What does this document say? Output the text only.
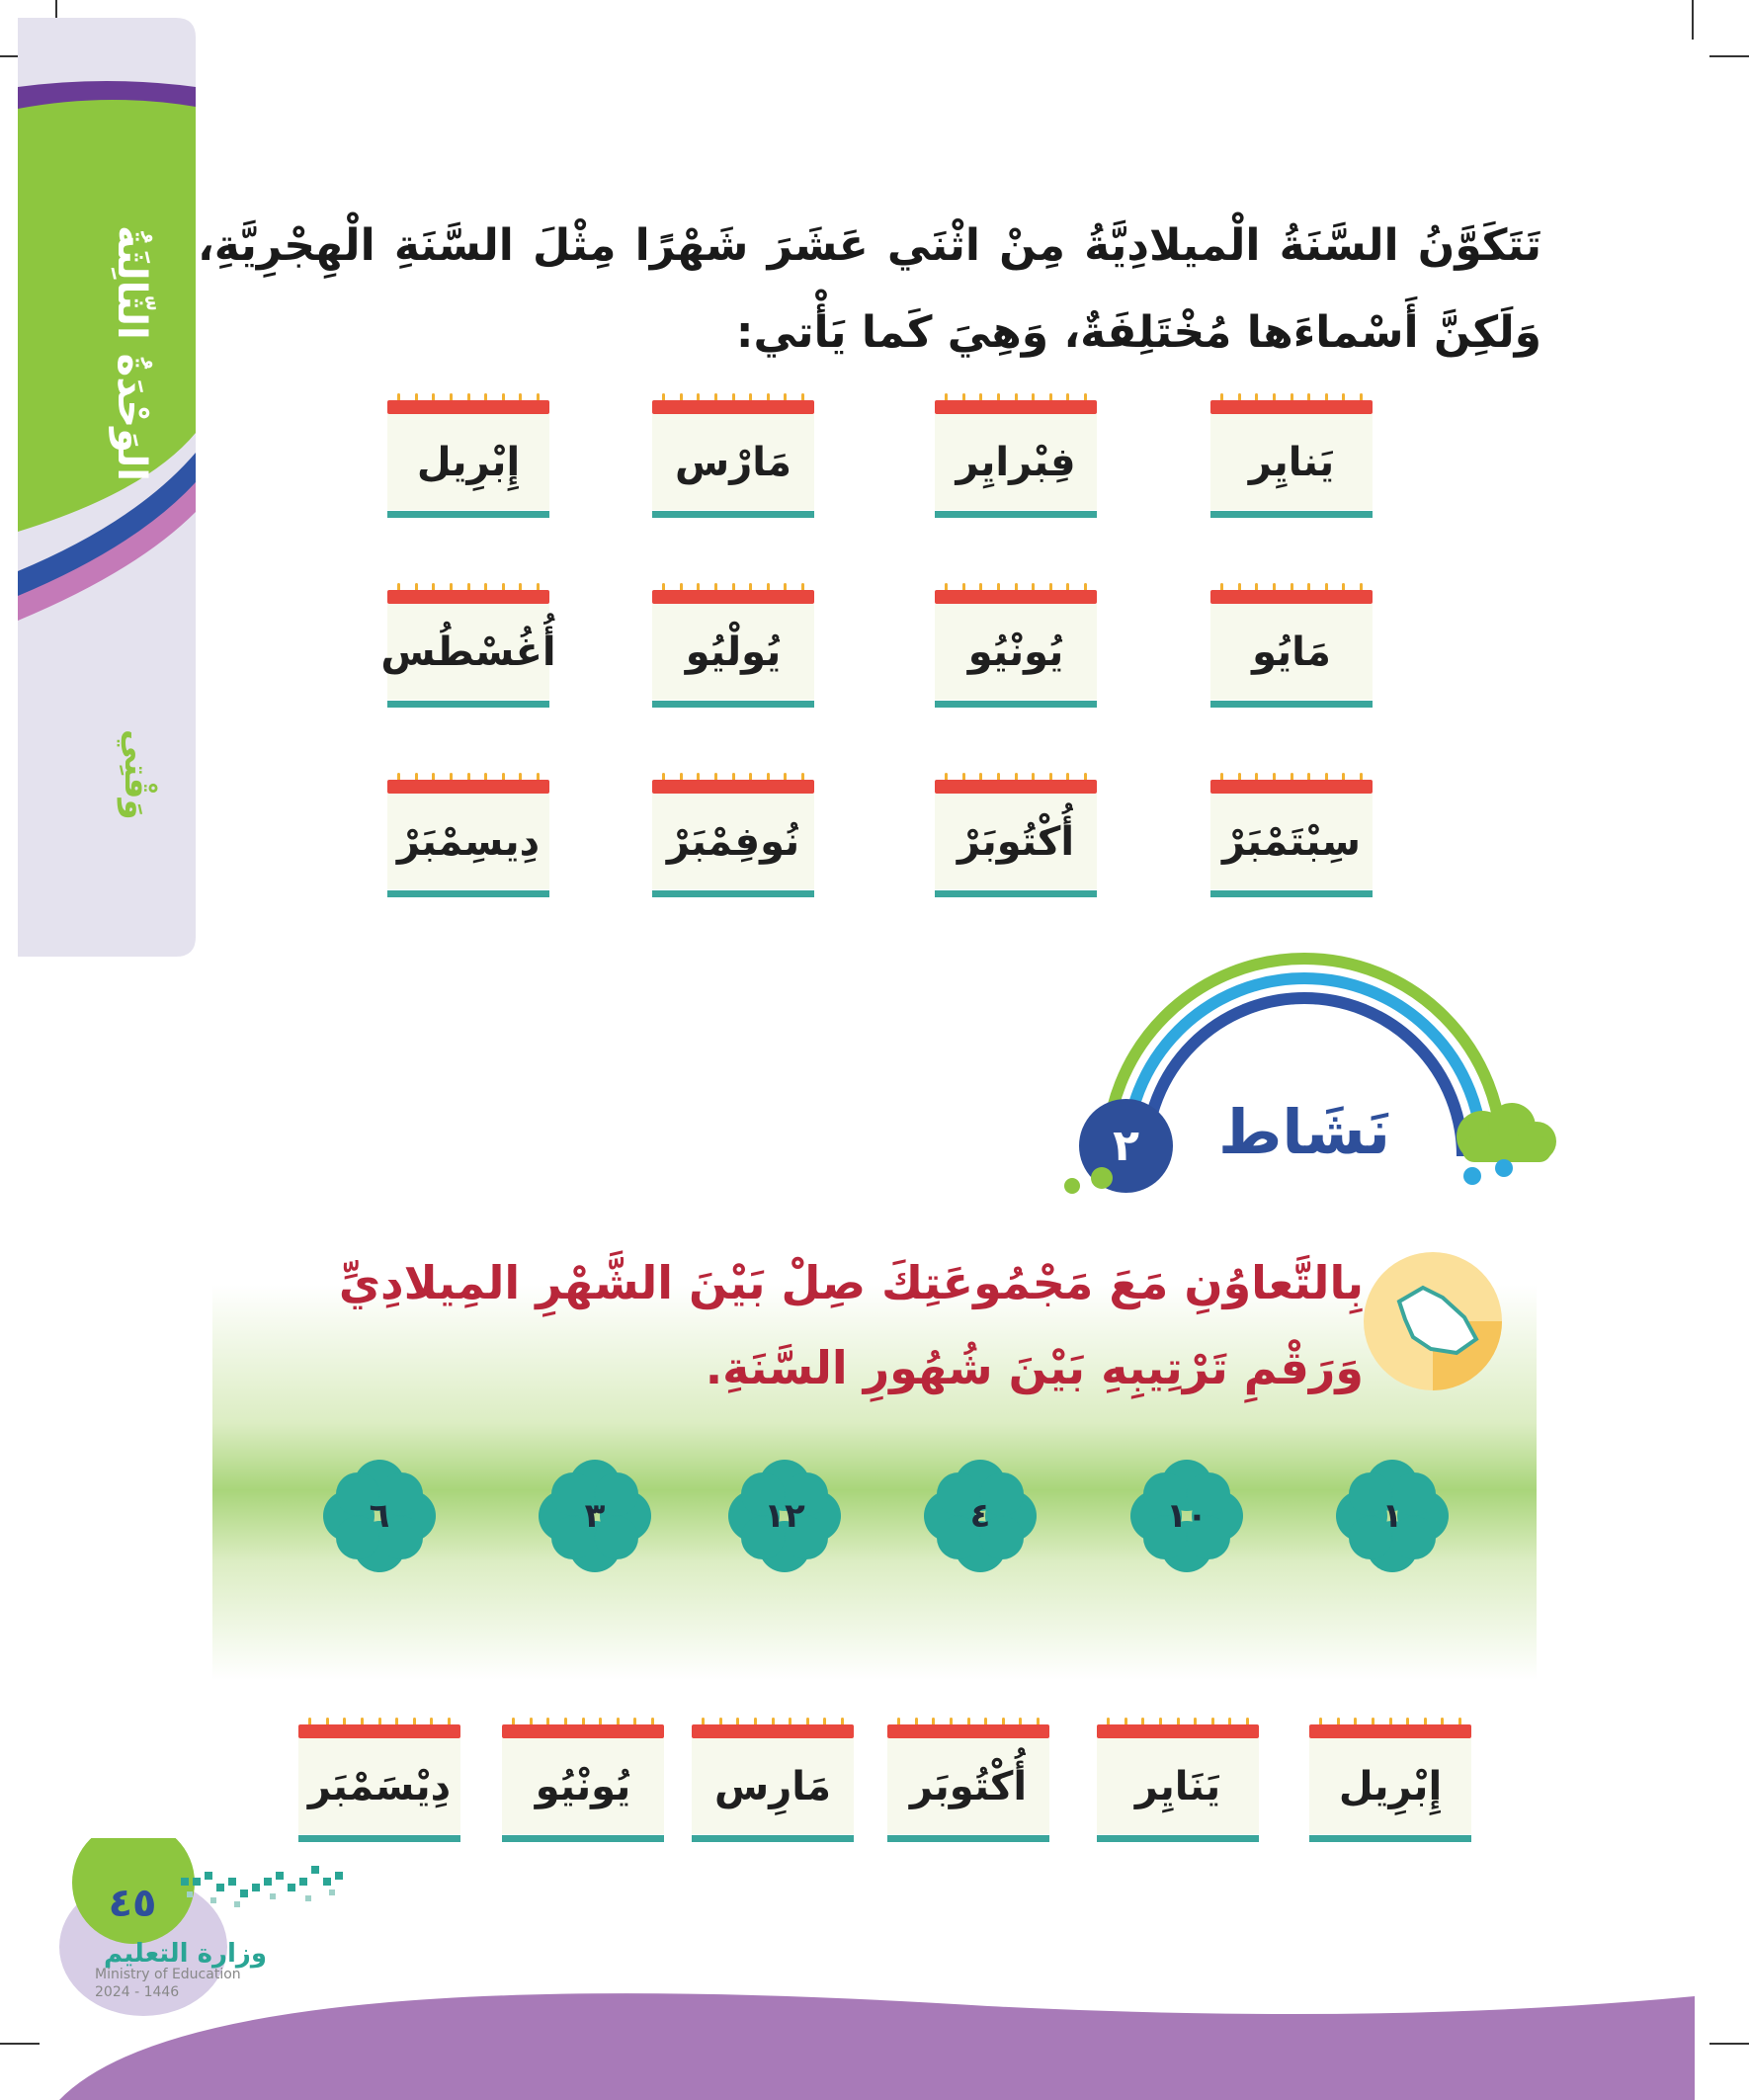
الوَحْدَةُ الثّالِثَةُ
وَقْتِي
تَتَكَوَّنُ السَّنَةُ الْميلادِيَّةُ مِنْ اثْنَي عَشَرَ شَهْرًا مِثْلَ السَّنَةِ الْهِجْرِيَّةِ، وَلَكِنَّ أَسْماءَها مُخْتَلِفَةٌ، وَهِيَ كَما يَأْتي:
يَنايِر
فِبْرايِر
مَارْس
إِبْرِيل
مَايُو
يُونْيُو
يُولْيُو
أُغُسْطُس
سِبْتَمْبَرْ
أُكْتُوبَرْ
نُوفِمْبَرْ
دِيسِمْبَرْ
٢	نَشَاط
بِالتَّعاوُنِ مَعَ مَجْمُوعَتِكَ صِلْ بَيْنَ الشَّهْرِ المِيلادِيِّ وَرَقْمِ تَرْتِيبِهِ بَيْنَ شُهُورِ السَّنَةِ.
١
١٠
٤
١٢
٣
٦
إِبْرِيل
يَنَايِر
أُكْتُوبَر
مَارِس
يُونْيُو
دِيْسَمْبَر
٤٥
وزارة التعليم
Ministry of Education
2024 - 1446
